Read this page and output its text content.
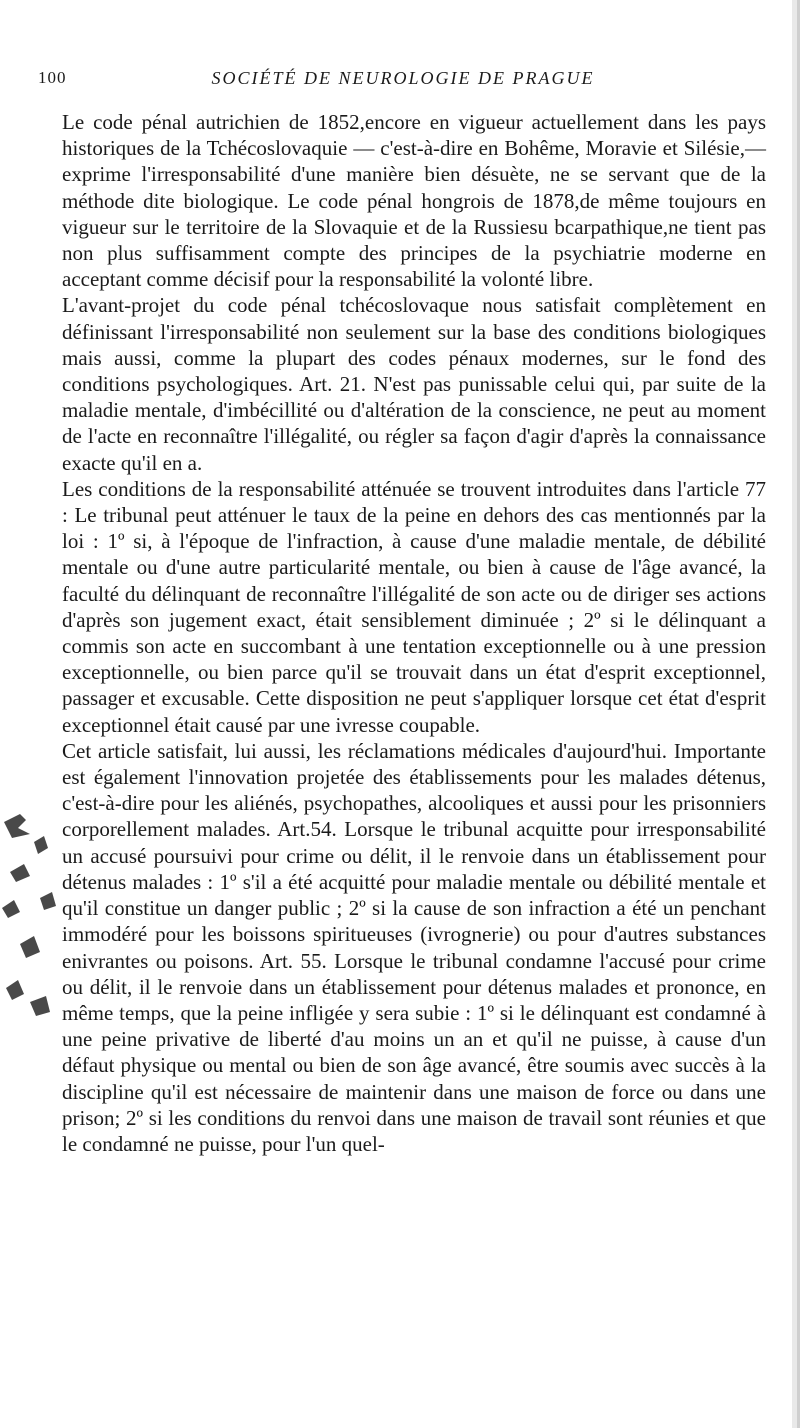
100	SOCIÉTÉ DE NEUROLOGIE DE PRAGUE

Le code pénal autrichien de 1852,encore en vigueur actuellement dans les pays historiques de la Tchécoslovaquie — c'est-à-dire en Bohême, Moravie et Silésie,— exprime l'irresponsabilité d'une manière bien désuète, ne se servant que de la méthode dite biologique. Le code pénal hongrois de 1878,de même toujours en vigueur sur le territoire de la Slovaquie et de la Russiesu bcarpathique,ne tient pas non plus suffisamment compte des principes de la psychiatrie moderne en acceptant comme décisif pour la responsabilité la volonté libre.

L'avant-projet du code pénal tchécoslovaque nous satisfait complètement en définissant l'irresponsabilité non seulement sur la base des conditions biologiques mais aussi, comme la plupart des codes pénaux modernes, sur le fond des conditions psychologiques. Art. 21. N'est pas punissable celui qui, par suite de la maladie mentale, d'imbécillité ou d'altération de la conscience, ne peut au moment de l'acte en reconnaître l'illégalité, ou régler sa façon d'agir d'après la connaissance exacte qu'il en a.

Les conditions de la responsabilité atténuée se trouvent introduites dans l'article 77 : Le tribunal peut atténuer le taux de la peine en dehors des cas mentionnés par la loi : 1º si, à l'époque de l'infraction, à cause d'une maladie mentale, de débilité mentale ou d'une autre particularité mentale, ou bien à cause de l'âge avancé, la faculté du délinquant de reconnaître l'illégalité de son acte ou de diriger ses actions d'après son jugement exact, était sensiblement diminuée ; 2º si le délinquant a commis son acte en succombant à une tentation exceptionnelle ou à une pression exceptionnelle, ou bien parce qu'il se trouvait dans un état d'esprit exceptionnel, passager et excusable. Cette disposition ne peut s'appliquer lorsque cet état d'esprit exceptionnel était causé par une ivresse coupable.

Cet article satisfait, lui aussi, les réclamations médicales d'aujourd'hui. Importante est également l'innovation projetée des établissements pour les malades détenus, c'est-à-dire pour les aliénés, psychopathes, alcooliques et aussi pour les prisonniers corporellement malades. Art.54. Lorsque le tribunal acquitte pour irresponsabilité un accusé poursuivi pour crime ou délit, il le renvoie dans un établissement pour détenus malades : 1º s'il a été acquitté pour maladie mentale ou débilité mentale et qu'il constitue un danger public ; 2º si la cause de son infraction a été un penchant immodéré pour les boissons spiritueuses (ivrognerie) ou pour d'autres substances enivrantes ou poisons. Art. 55. Lorsque le tribunal condamne l'accusé pour crime ou délit, il le renvoie dans un établissement pour détenus malades et prononce, en même temps, que la peine infligée y sera subie : 1º si le délinquant est condamné à une peine privative de liberté d'au moins un an et qu'il ne puisse, à cause d'un défaut physique ou mental ou bien de son âge avancé, être soumis avec succès à la discipline qu'il est nécessaire de maintenir dans une maison de force ou dans une prison; 2º si les conditions du renvoi dans une maison de travail sont réunies et que le condamné ne puisse, pour l'un quel-
